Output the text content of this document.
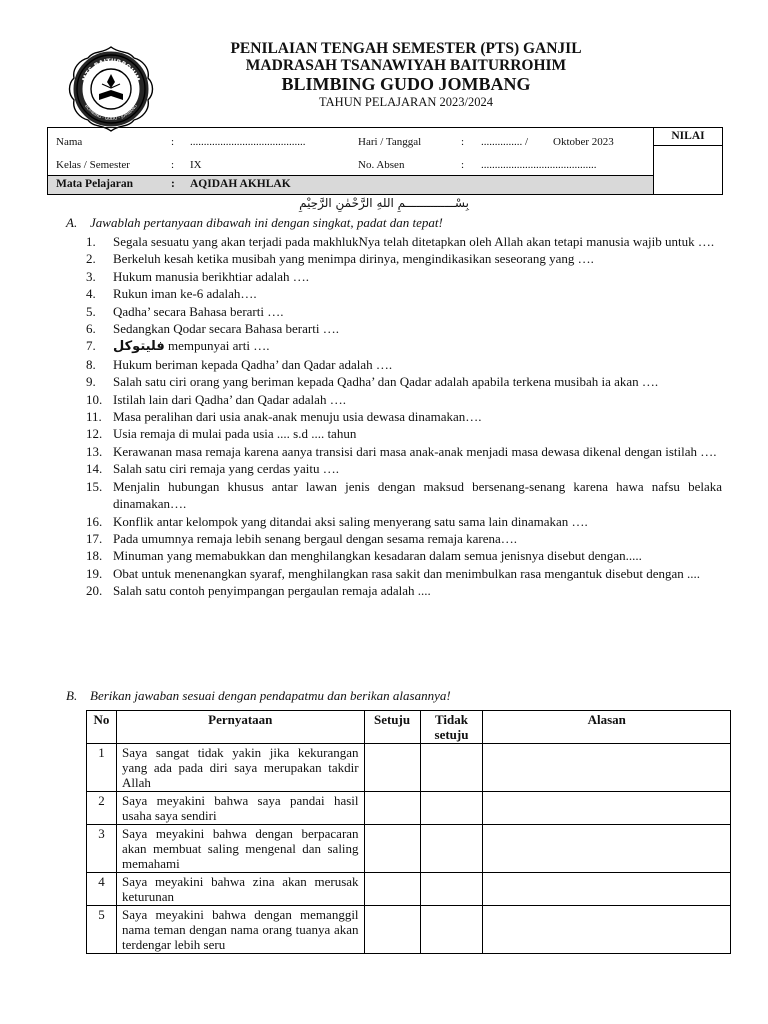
MTS BAITURROHIM
BLIMBING - GUDO - JOMBANG
PENILAIAN TENGAH SEMESTER (PTS) GANJIL
MADRASAH TSANAWIYAH BAITURROHIM
BLIMBING GUDO JOMBANG
TAHUN PELAJARAN 2023/2024
Nama	: ..........................................	Hari / Tanggal	: ............... / Oktober 2023
Kelas / Semester	: IX	No. Absen	: ..........................................
Mata Pelajaran	: AQIDAH AKHLAK
NILAI
بِسْــــــــــــــمِ اللهِ الرَّحْمٰنِ الرَّحِيْمِ
A. Jawablah pertanyaan dibawah ini dengan singkat, padat dan tepat!
1.	Segala sesuatu yang akan terjadi pada makhlukNya telah ditetapkan oleh Allah akan tetapi manusia wajib untuk ….
2.	Berkeluh kesah ketika musibah yang menimpa dirinya, mengindikasikan seseorang yang ….
3.	Hukum manusia berikhtiar adalah ….
4.	Rukun iman ke-6 adalah….
5.	Qadha’ secara Bahasa berarti ….
6.	Sedangkan Qodar secara Bahasa berarti ….
7.	فليتوكل mempunyai arti ….
8.	Hukum beriman kepada Qadha’ dan Qadar adalah ….
9.	Salah satu ciri orang yang beriman kepada Qadha’ dan Qadar adalah apabila terkena musibah ia akan ….
10. Istilah lain dari Qadha’ dan Qadar adalah ….
11. Masa peralihan dari usia anak-anak menuju usia dewasa dinamakan….
12. Usia remaja di mulai pada usia .... s.d .... tahun
13. Kerawanan masa remaja karena aanya transisi dari masa anak-anak menjadi masa dewasa dikenal dengan istilah ….
14. Salah satu ciri remaja yang cerdas yaitu ….
15. Menjalin hubungan khusus antar lawan jenis dengan maksud bersenang-senang karena hawa nafsu belaka dinamakan….
16. Konflik antar kelompok yang ditandai aksi saling menyerang satu sama lain dinamakan ….
17. Pada umumnya remaja lebih senang bergaul dengan sesama remaja karena….
18. Minuman yang memabukkan dan menghilangkan kesadaran dalam semua jenisnya disebut dengan.....
19. Obat untuk menenangkan syaraf, menghilangkan rasa sakit dan menimbulkan rasa mengantuk disebut dengan ....
20. Salah satu contoh penyimpangan pergaulan remaja adalah ....
B. Berikan jawaban sesuai dengan pendapatmu dan berikan alasannya!
No	Pernyataan	Setuju	Tidak setuju	Alasan
1	Saya sangat tidak yakin jika kekurangan yang ada pada diri saya merupakan takdir Allah			
2	Saya meyakini bahwa saya pandai hasil usaha saya sendiri			
3	Saya meyakini bahwa dengan berpacaran akan membuat saling mengenal dan saling memahami			
4	Saya meyakini bahwa zina akan merusak keturunan			
5	Saya meyakini bahwa dengan memanggil nama teman dengan nama orang tuanya akan terdengar lebih seru			
